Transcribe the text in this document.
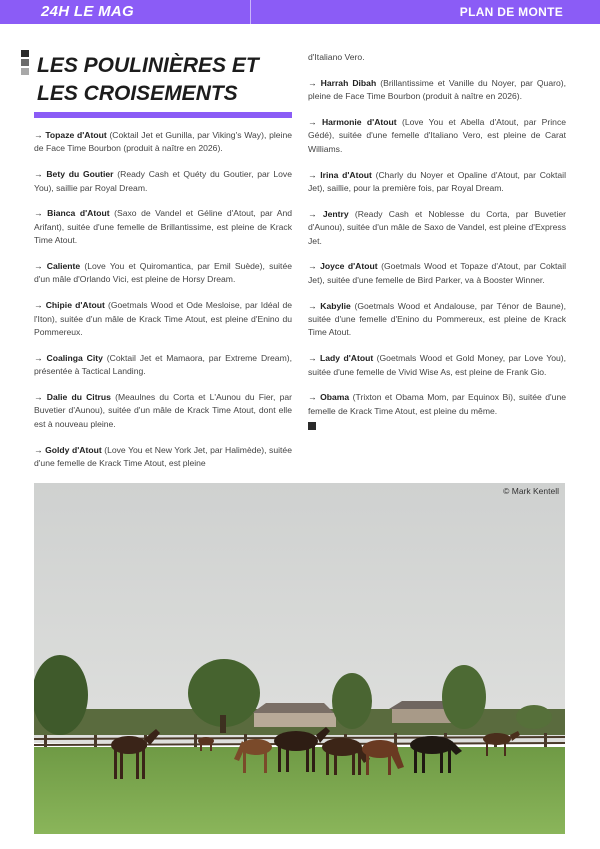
24H LE MAG	PLAN DE MONTE
LES POULINIÈRES ET LES CROISEMENTS

→ Topaze d'Atout (Coktail Jet et Gunilla, par Viking's Way), pleine de Face Time Bourbon (produit à naître en 2026).

→ Bety du Goutier (Ready Cash et Quéty du Goutier, par Love You), saillie par Royal Dream.

→ Bianca d'Atout (Saxo de Vandel et Géline d'Atout, par And Arifant), suitée d'une femelle de Brillantissime, est pleine de Krack Time Atout.

→ Caliente (Love You et Quiromantica, par Emil Suède), suitée d'un mâle d'Orlando Vici, est pleine de Horsy Dream.

→ Chipie d'Atout (Goetmals Wood et Ode Mesloise, par Idéal de l'Iton), suitée d'un mâle de Krack Time Atout, est pleine d'Enino du Pommereux.

→ Coalinga City (Coktail Jet et Mamaora, par Extreme Dream), présentée à Tactical Landing.

→ Dalie du Citrus (Meaulnes du Corta et L'Aunou du Fier, par Buvetier d'Aunou), suitée d'un mâle de Krack Time Atout, dont elle est à nouveau pleine.

→ Goldy d'Atout (Love You et New York Jet, par Halimède), suitée d'une femelle de Krack Time Atout, est pleine

d'Italiano Vero.

→ Harrah Dibah (Brillantissime et Vanille du Noyer, par Quaro), pleine de Face Time Bourbon (produit à naître en 2026).

→ Harmonie d'Atout (Love You et Abella d'Atout, par Prince Gédé), suitée d'une femelle d'Italiano Vero, est pleine de Carat Williams.

→ Irina d'Atout (Charly du Noyer et Opaline d'Atout, par Coktail Jet), saillie, pour la première fois, par Royal Dream.

→ Jentry (Ready Cash et Noblesse du Corta, par Buvetier d'Aunou), suitée d'un mâle de Saxo de Vandel, est pleine d'Express Jet.

→ Joyce d'Atout (Goetmals Wood et Topaze d'Atout, par Coktail Jet), suitée d'une femelle de Bird Parker, va à Booster Winner.

→ Kabylie (Goetmals Wood et Andalouse, par Ténor de Baune), suitée d'une femelle d'Enino du Pommereux, est pleine de Krack Time Atout.

→ Lady d'Atout (Goetmals Wood et Gold Money, par Love You), suitée d'une femelle de Vivid Wise As, est pleine de Frank Gio.

→ Obama (Trixton et Obama Mom, par Equinox Bi), suitée d'une femelle de Krack Time Atout, est pleine du même.

© Mark Kentell
